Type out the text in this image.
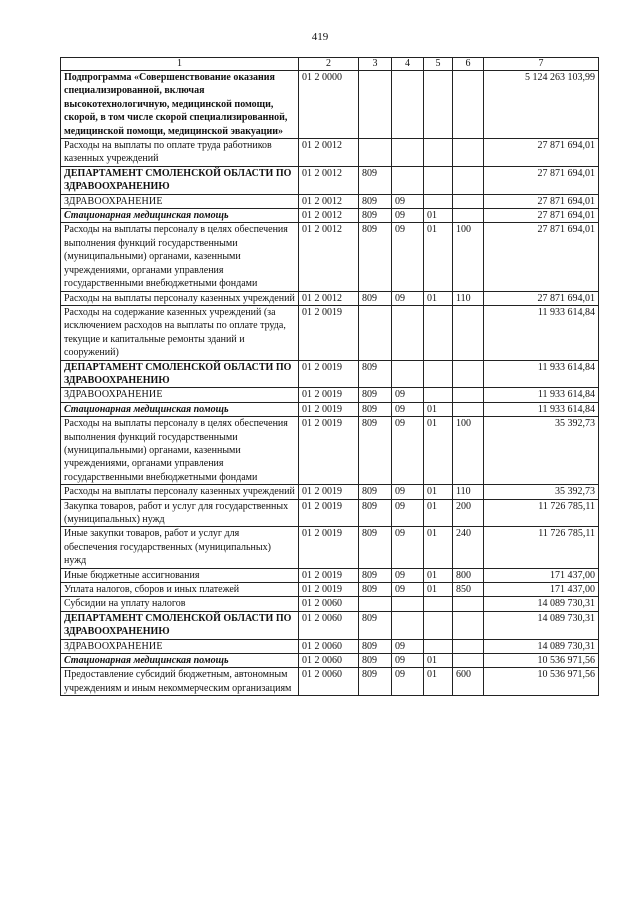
419
1	2	3	4	5	6	7
Подпрограмма «Совершенствование оказания специализированной, включая высокотехнологичную, медицинской помощи, скорой, в том числе скорой специализированной, медицинской помощи, медицинской эвакуации»	01 2 0000					5 124 263 103,99
Расходы на выплаты по оплате труда работников казенных учреждений	01 2 0012					27 871 694,01
ДЕПАРТАМЕНТ СМОЛЕНСКОЙ ОБЛАСТИ ПО ЗДРАВООХРАНЕНИЮ	01 2 0012	809				27 871 694,01
ЗДРАВООХРАНЕНИЕ	01 2 0012	809	09			27 871 694,01
Стационарная медицинская помощь	01 2 0012	809	09	01		27 871 694,01
Расходы на выплаты персоналу в целях обеспечения выполнения функций государственными (муниципальными) органами, казенными учреждениями, органами управления государственными внебюджетными фондами	01 2 0012	809	09	01	100	27 871 694,01
Расходы на выплаты персоналу казенных учреждений	01 2 0012	809	09	01	110	27 871 694,01
Расходы на содержание казенных учреждений (за исключением расходов на выплаты по оплате труда, текущие и капитальные ремонты зданий и сооружений)	01 2 0019					11 933 614,84
ДЕПАРТАМЕНТ СМОЛЕНСКОЙ ОБЛАСТИ ПО ЗДРАВООХРАНЕНИЮ	01 2 0019	809				11 933 614,84
ЗДРАВООХРАНЕНИЕ	01 2 0019	809	09			11 933 614,84
Стационарная медицинская помощь	01 2 0019	809	09	01		11 933 614,84
Расходы на выплаты персоналу в целях обеспечения выполнения функций государственными (муниципальными) органами, казенными учреждениями, органами управления государственными внебюджетными фондами	01 2 0019	809	09	01	100	35 392,73
Расходы на выплаты персоналу казенных учреждений	01 2 0019	809	09	01	110	35 392,73
Закупка товаров, работ и услуг для государственных (муниципальных) нужд	01 2 0019	809	09	01	200	11 726 785,11
Иные закупки товаров, работ и услуг для обеспечения государственных (муниципальных) нужд	01 2 0019	809	09	01	240	11 726 785,11
Иные бюджетные ассигнования	01 2 0019	809	09	01	800	171 437,00
Уплата налогов, сборов и иных платежей	01 2 0019	809	09	01	850	171 437,00
Субсидии на уплату налогов	01 2 0060					14 089 730,31
ДЕПАРТАМЕНТ СМОЛЕНСКОЙ ОБЛАСТИ ПО ЗДРАВООХРАНЕНИЮ	01 2 0060	809				14 089 730,31
ЗДРАВООХРАНЕНИЕ	01 2 0060	809	09			14 089 730,31
Стационарная медицинская помощь	01 2 0060	809	09	01		10 536 971,56
Предоставление субсидий бюджетным, автономным учреждениям и иным некоммерческим организациям	01 2 0060	809	09	01	600	10 536 971,56
